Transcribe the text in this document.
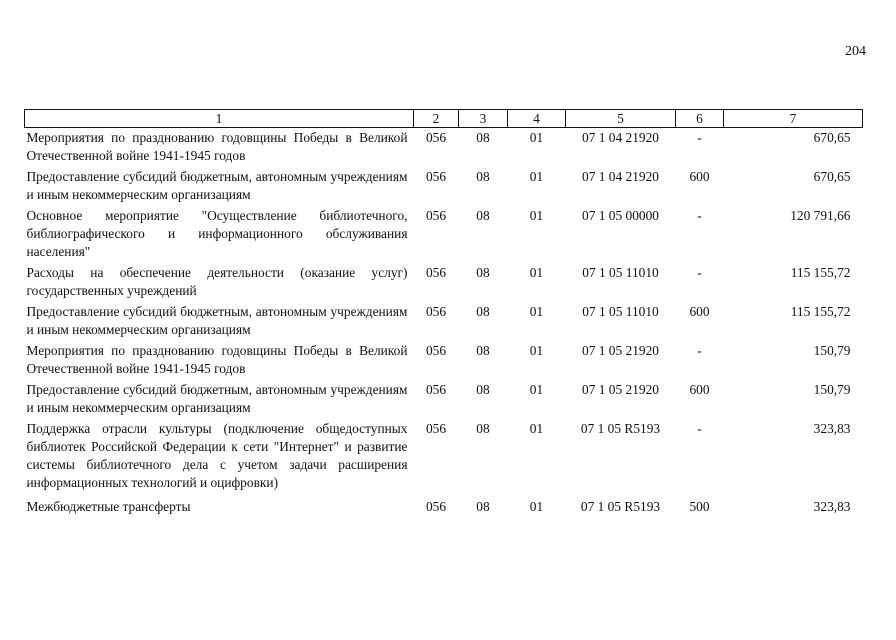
204
1	2	3	4	5	6	7
Мероприятия по празднованию годовщины Победы в Великой Отечественной войне 1941-1945 годов	056	08	01	07 1 04 21920	-	670,65
Предоставление субсидий бюджетным, автономным учреждениям и иным некоммерческим организациям	056	08	01	07 1 04 21920	600	670,65
Основное мероприятие "Осуществление библиотечного, библиографического и информационного обслуживания населения"	056	08	01	07 1 05 00000	-	120 791,66
Расходы на обеспечение деятельности (оказание услуг) государственных учреждений	056	08	01	07 1 05 11010	-	115 155,72
Предоставление субсидий бюджетным, автономным учреждениям и иным некоммерческим организациям	056	08	01	07 1 05 11010	600	115 155,72
Мероприятия по празднованию годовщины Победы в Великой Отечественной войне 1941-1945 годов	056	08	01	07 1 05 21920	-	150,79
Предоставление субсидий бюджетным, автономным учреждениям и иным некоммерческим организациям	056	08	01	07 1 05 21920	600	150,79
Поддержка отрасли культуры (подключение общедоступных библиотек Российской Федерации к сети "Интернет" и развитие системы библиотечного дела с учетом задачи расширения информационных технологий и оцифровки)	056	08	01	07 1 05 R5193	-	323,83
Межбюджетные трансферты	056	08	01	07 1 05 R5193	500	323,83
